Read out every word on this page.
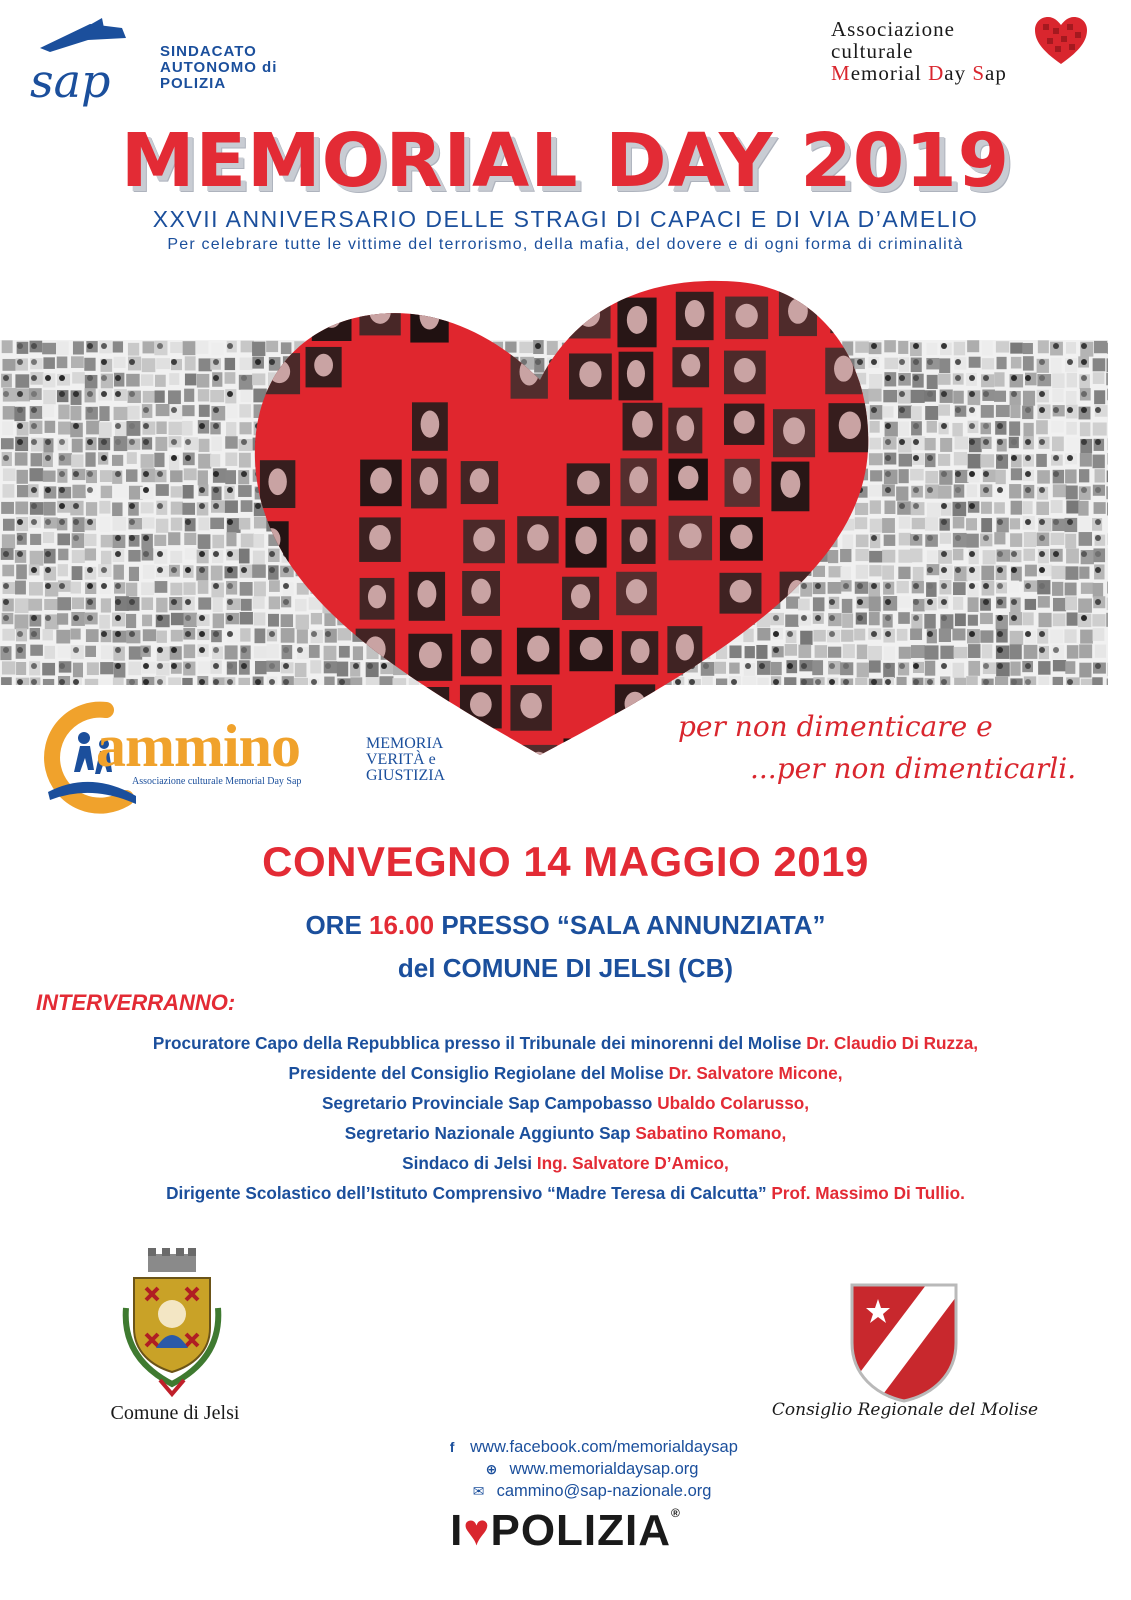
sap
SINDACATO
AUTONOMO di
POLIZIA
Associazione
culturale
Memorial Day Sap
MEMORIAL DAY 2019
XXVII ANNIVERSARIO DELLE STRAGI DI CAPACI E DI VIA D’AMELIO
Per celebrare tutte le vittime del terrorismo, della mafia, del dovere e di ogni forma di criminalità
ammino
Associazione culturale Memorial Day Sap
MEMORIA
VERITÀ e
GIUSTIZIA
per non dimenticare e
...per non dimenticarli.
CONVEGNO 14 MAGGIO 2019
ORE 16.00 PRESSO “SALA ANNUNZIATA”
del COMUNE DI JELSI (CB)
INTERVERRANNO:
Procuratore Capo della Repubblica presso il Tribunale dei minorenni del Molise Dr. Claudio Di Ruzza,
Presidente del Consiglio Regiolane del Molise Dr. Salvatore Micone,
Segretario Provinciale Sap Campobasso Ubaldo Colarusso,
Segretario Nazionale Aggiunto Sap Sabatino Romano,
Sindaco di Jelsi Ing. Salvatore D’Amico,
Dirigente Scolastico dell’Istituto Comprensivo “Madre Teresa di Calcutta” Prof. Massimo Di Tullio.
Comune di Jelsi	Consiglio Regionale del Molise
f www.facebook.com/memorialdaysap
⊕ www.memorialdaysap.org
✉ cammino@sap-nazionale.org
I♥POLIZIA®
